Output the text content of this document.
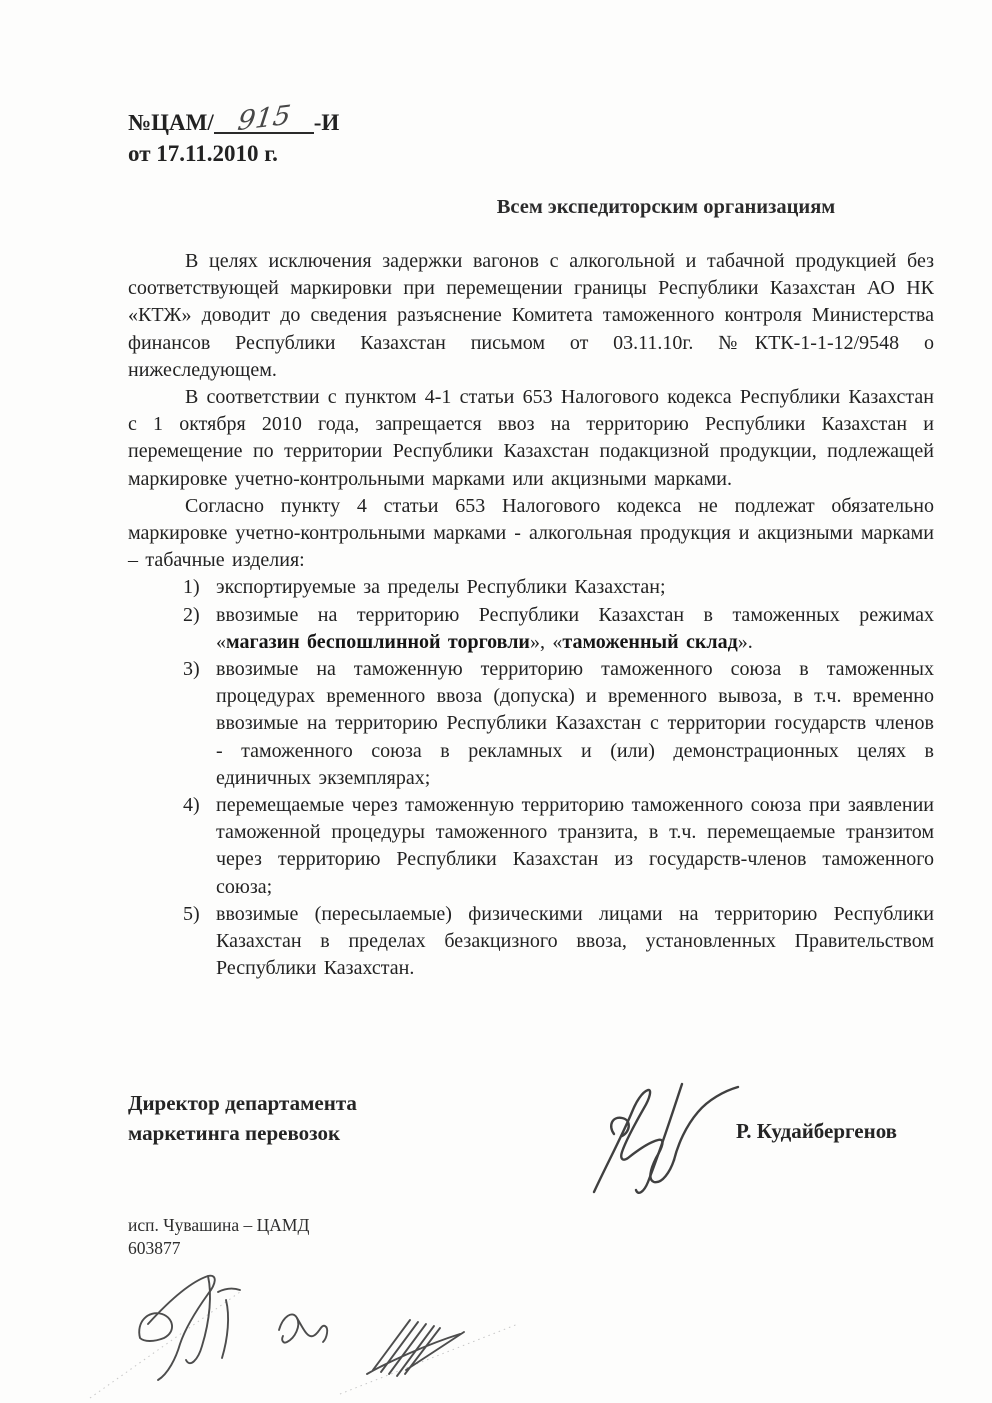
№ЦАМ/ 915 -И
от 17.11.2010 г.
Всем экспедиторским организациям

В целях исключения задержки вагонов с алкогольной и табачной продукцией без соответствующей маркировки при перемещении границы Республики Казахстан АО НК «КТЖ» доводит до сведения разъяснение Комитета таможенного контроля Министерства финансов Республики Казахстан письмом от 03.11.10г. №КТК-1-1-12/9548 о нижеследующем.

В соответствии с пунктом 4-1 статьи 653 Налогового кодекса Республики Казахстан с 1 октября 2010 года, запрещается ввоз на территорию Республики Казахстан и перемещение по территории Республики Казахстан подакцизной продукции, подлежащей маркировке учетно-контрольными марками или акцизными марками.

Согласно пункту 4 статьи 653 Налогового кодекса не подлежат обязательно маркировке учетно-контрольными марками - алкогольная продукция и акцизными марками – табачные изделия:

1) экспортируемые за пределы Республики Казахстан;
2) ввозимые на территорию Республики Казахстан в таможенных режимах «магазин беспошлинной торговли», «таможенный склад».
3) ввозимые на таможенную территорию таможенного союза в таможенных процедурах временного ввоза (допуска) и временного вывоза, в т.ч. временно ввозимые на территорию Республики Казахстан с территории государств членов - таможенного союза в рекламных и (или) демонстрационных целях в единичных экземплярах;
4) перемещаемые через таможенную территорию таможенного союза при заявлении таможенной процедуры таможенного транзита, в т.ч. перемещаемые транзитом через территорию Республики Казахстан из государств-членов таможенного союза;
5) ввозимые (пересылаемые) физическими лицами на территорию Республики Казахстан в пределах безакцизного ввоза, установленных Правительством Республики Казахстан.
Директор департамента
маркетинга перевозок	Р. Кудайбергенов
исп. Чувашина – ЦАМД
603877
